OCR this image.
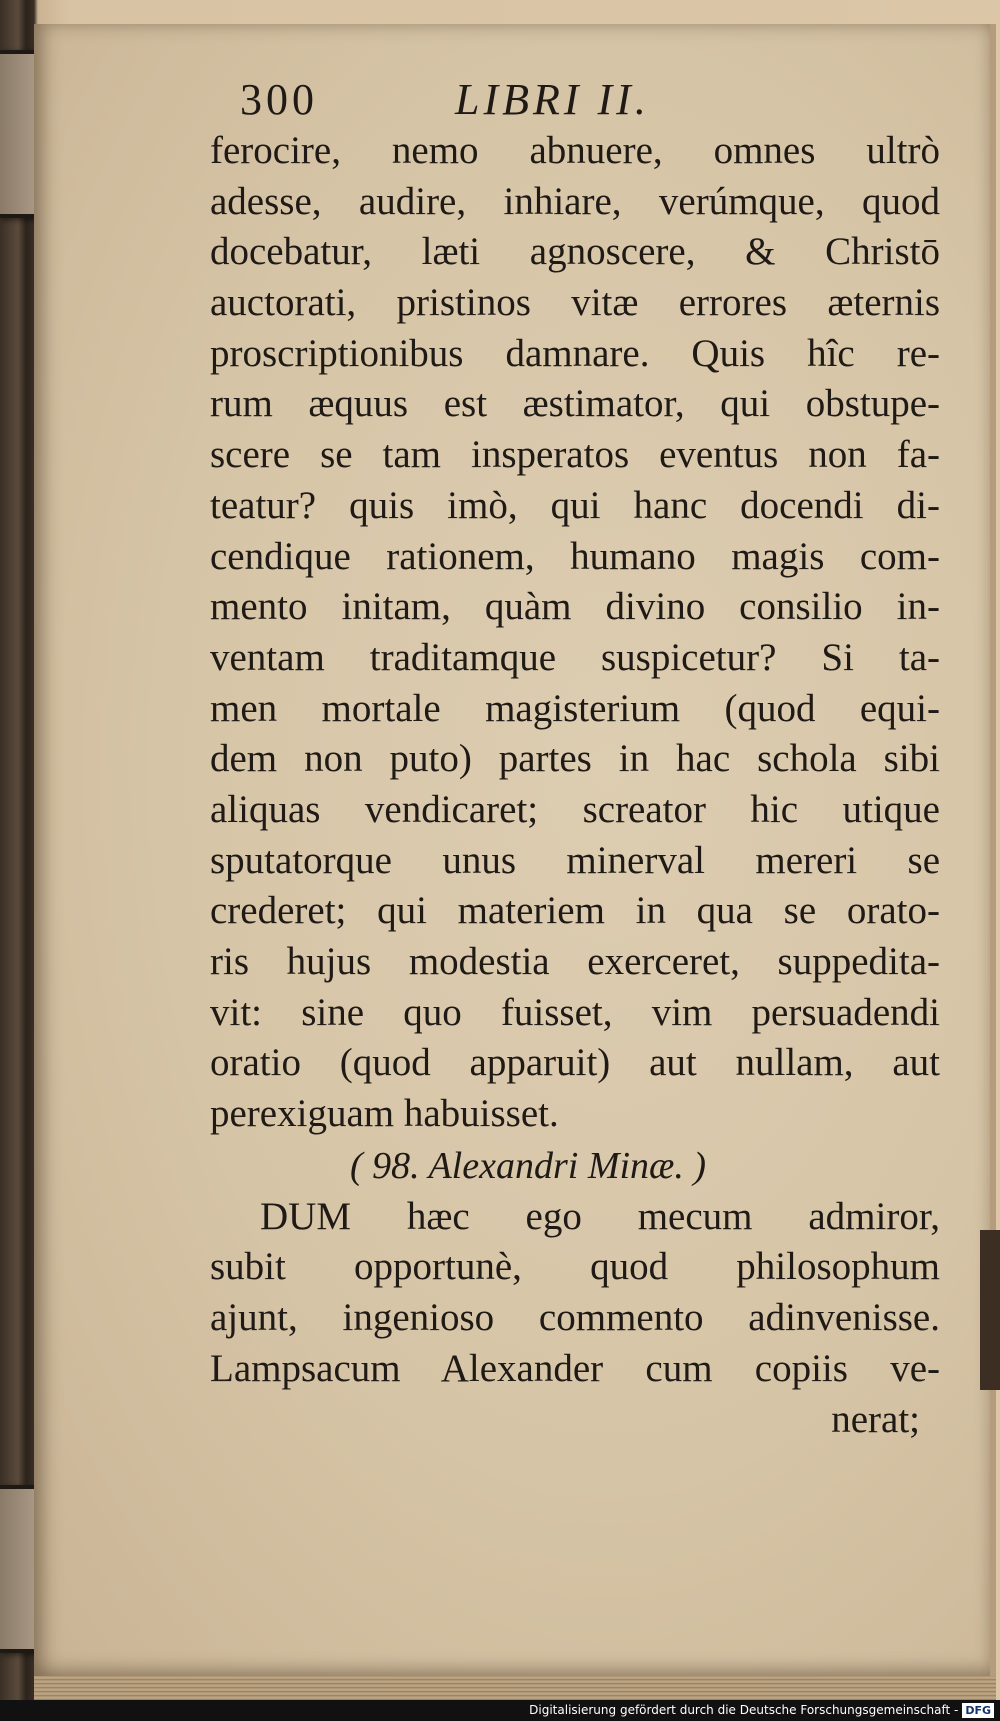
300	LIBRI II.
ferocire, nemo abnuere, omnes ultrò
adesse, audire, inhiare, verúmque, quod
docebatur, læti agnoscere, & Christō
auctorati, pristinos vitæ errores æternis
proscriptionibus damnare. Quis hîc re-
rum æquus est æstimator, qui obstupe-
scere se tam insperatos eventus non fa-
teatur? quis imò, qui hanc docendi di-
cendique rationem, humano magis com-
mento initam, quàm divino consilio in-
ventam traditamque suspicetur? Si ta-
men mortale magisterium (quod equi-
dem non puto) partes in hac schola sibi
aliquas vendicaret; screator hic utique
sputatorque unus minerval mereri se
crederet; qui materiem in qua se orato-
ris hujus modestia exerceret, suppedita-
vit: sine quo fuisset, vim persuadendi
oratio (quod apparuit) aut nullam, aut
perexiguam habuisset.
( 98. Alexandri Minæ. )
DUM hæc ego mecum admiror,
subit opportunè, quod philosophum
ajunt, ingenioso commento adinvenisse.
Lampsacum Alexander cum copiis ve-
nerat;
Digitalisierung gefördert durch die Deutsche Forschungsgemeinschaft - DFG
